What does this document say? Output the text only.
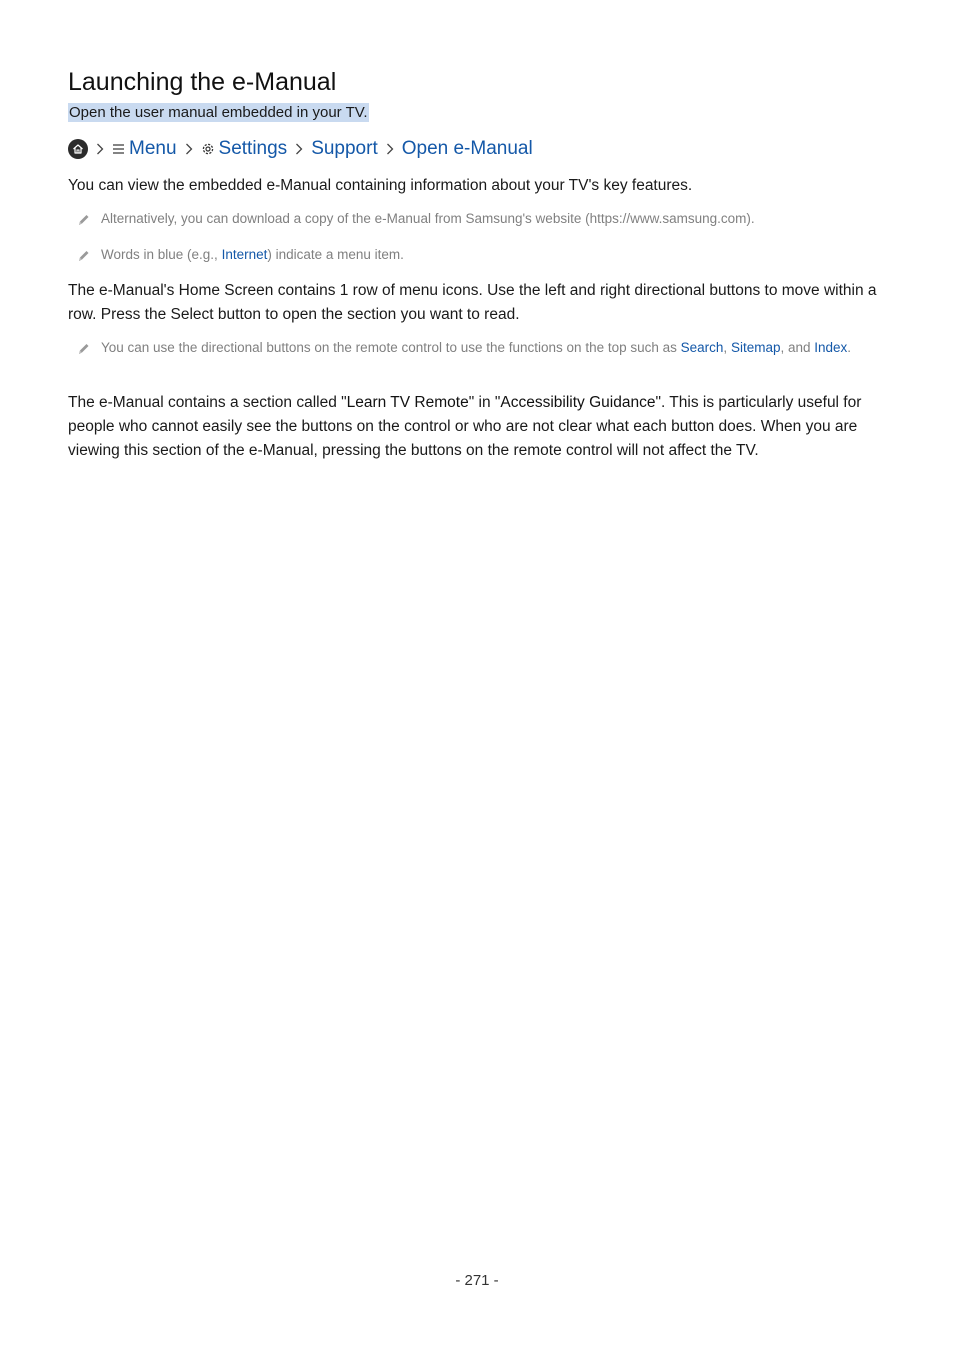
Launching the e-Manual
Open the user manual embedded in your TV.
Menu Settings Support Open e-Manual
You can view the embedded e-Manual containing information about your TV's key features.
Alternatively, you can download a copy of the e-Manual from Samsung's website (https://www.samsung.com).
Words in blue (e.g., Internet) indicate a menu item.
The e-Manual's Home Screen contains 1 row of menu icons. Use the left and right directional buttons to move within a row. Press the Select button to open the section you want to read.
You can use the directional buttons on the remote control to use the functions on the top such as Search, Sitemap, and Index.
The e-Manual contains a section called "Learn TV Remote" in "Accessibility Guidance". This is particularly useful for people who cannot easily see the buttons on the control or who are not clear what each button does. When you are viewing this section of the e-Manual, pressing the buttons on the remote control will not affect the TV.
- 271 -
